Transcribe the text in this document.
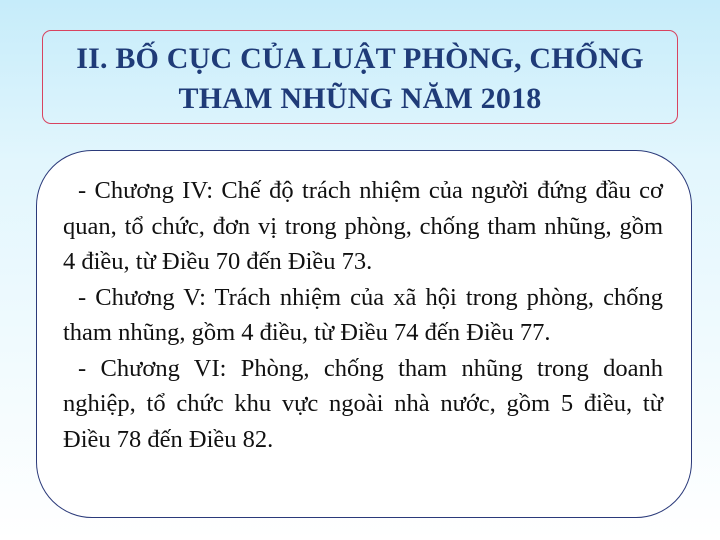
II. BỐ CỤC CỦA LUẬT PHÒNG, CHỐNG
THAM NHŨNG NĂM 2018

- Chương IV: Chế độ trách nhiệm của người đứng đầu cơ quan, tổ chức, đơn vị trong phòng, chống tham nhũng, gồm 4 điều, từ Điều 70 đến Điều 73.

- Chương V: Trách nhiệm của xã hội trong phòng, chống tham nhũng, gồm 4 điều, từ Điều 74 đến Điều 77.

- Chương VI: Phòng, chống tham nhũng trong doanh nghiệp, tổ chức khu vực ngoài nhà nước, gồm 5 điều, từ Điều 78 đến Điều 82.
